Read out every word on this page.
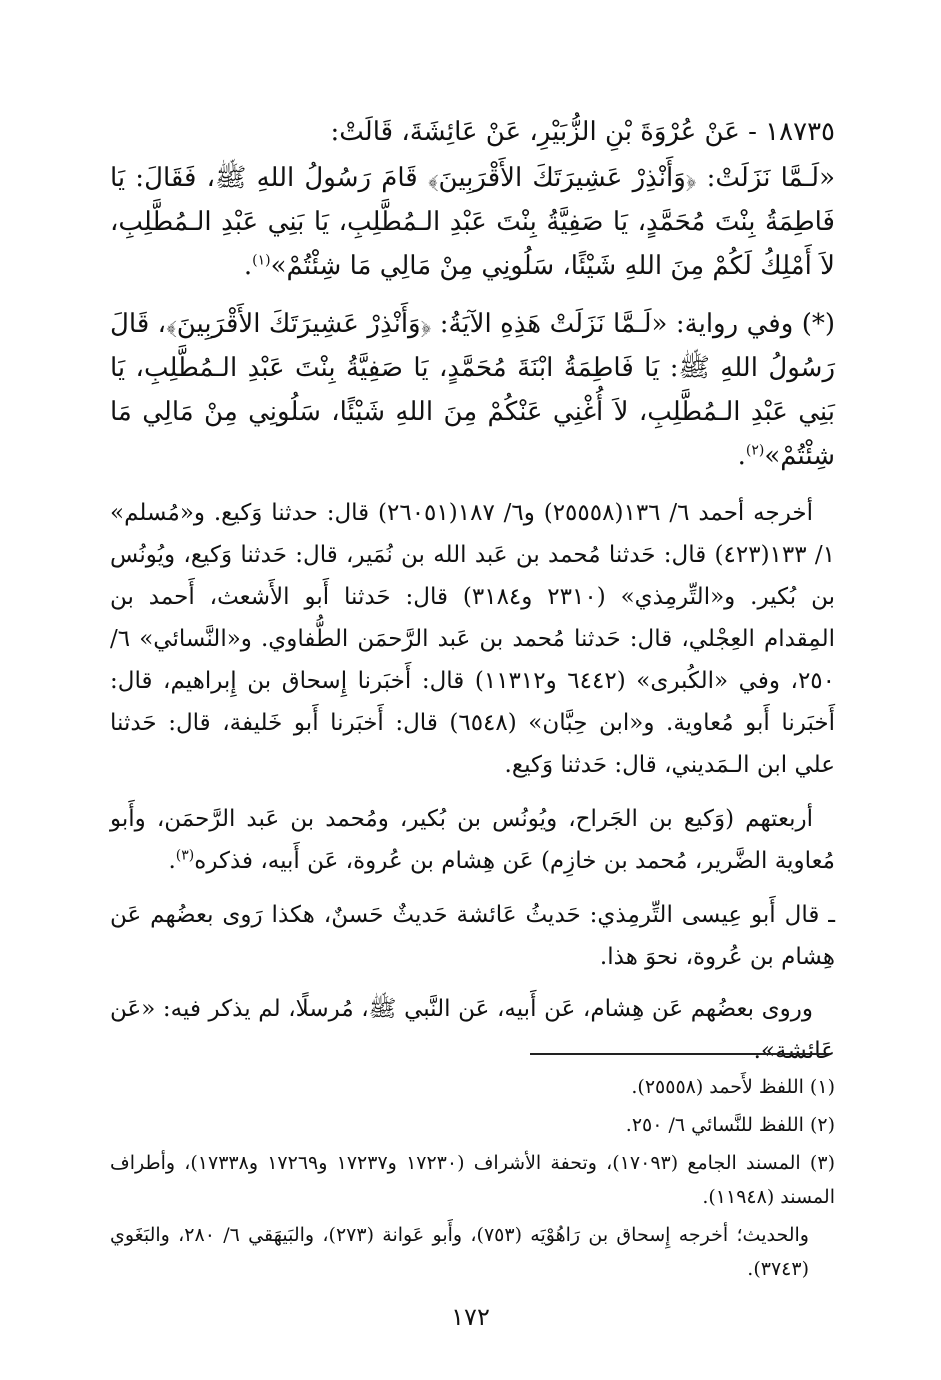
١٨٧٣٥ - عَنْ عُرْوَةَ بْنِ الزُّبَيْرِ، عَنْ عَائِشَةَ، قَالَتْ:

«لَـمَّا نَزَلَتْ: ﴿وَأَنْذِرْ عَشِيرَتَكَ الأَقْرَبِينَ﴾ قَامَ رَسُولُ اللهِ ﷺ، فَقَالَ: يَا فَاطِمَةُ بِنْتَ مُحَمَّدٍ، يَا صَفِيَّةُ بِنْتَ عَبْدِ الـمُطَّلِبِ، يَا بَنِي عَبْدِ الـمُطَّلِبِ، لاَ أَمْلِكُ لَكُمْ مِنَ اللهِ شَيْئًا، سَلُونِي مِنْ مَالِي مَا شِئْتُمْ»$^{(١)}$.

(*) وفي رواية: «لَـمَّا نَزَلَتْ هَذِهِ الآيَةُ: ﴿وَأَنْذِرْ عَشِيرَتَكَ الأَقْرَبِينَ﴾، قَالَ رَسُولُ اللهِ ﷺ: يَا فَاطِمَةُ ابْنَةَ مُحَمَّدٍ، يَا صَفِيَّةُ بِنْتَ عَبْدِ الـمُطَّلِبِ، يَا بَنِي عَبْدِ الـمُطَّلِبِ، لاَ أُغْنِي عَنْكُمْ مِنَ اللهِ شَيْئًا، سَلُونِي مِنْ مَالِي مَا شِئْتُمْ»$^{(٢)}$.

أخرجه أحمد ٦/ ١٣٦(٢٥٥٥٨) و٦/ ١٨٧(٢٦٠٥١) قال: حدثنا وَكيع. و«مُسلم» ١/ ١٣٣(٤٢٣) قال: حَدثنا مُحمد بن عَبد الله بن نُمَير، قال: حَدثنا وَكيع، ويُونُس بن بُكير. و«التِّرمِذي» (٢٣١٠ و٣١٨٤) قال: حَدثنا أَبو الأَشعث، أَحمد بن المِقدام العِجْلي، قال: حَدثنا مُحمد بن عَبد الرَّحمَن الطُّفاوي. و«النَّسائي» ٦/ ٢٥٠، وفي «الكُبرى» (٦٤٤٢ و١١٣١٢) قال: أَخبَرنا إِسحاق بن إِبراهيم، قال: أَخبَرنا أَبو مُعاوية. و«ابن حِبَّان» (٦٥٤٨) قال: أَخبَرنا أَبو خَليفة، قال: حَدثنا علي ابن الـمَديني، قال: حَدثنا وَكيع.

أربعتهم (وَكيع بن الجَراح، ويُونُس بن بُكير، ومُحمد بن عَبد الرَّحمَن، وأَبو مُعاوية الضَّرير، مُحمد بن خازِم) عَن هِشام بن عُروة، عَن أَبيه، فذكره$^{(٣)}$.

ـ قال أَبو عِيسى التِّرمِذي: حَديثُ عَائشة حَديثٌ حَسنٌ، هكذا رَوى بعضُهم عَن هِشام بن عُروة، نحوَ هذا.

وروى بعضُهم عَن هِشام، عَن أَبيه، عَن النَّبي ﷺ، مُرسلًا، لم يذكر فيه: «عَن عَائشة».

(١) اللفظ لأَحمد (٢٥٥٥٨).

(٢) اللفظ للنَّسائي ٦/ ٢٥٠.

(٣) المسند الجامع (١٧٠٩٣)، وتحفة الأشراف (١٧٢٣٠ و١٧٢٣٧ و١٧٢٦٩ و١٧٣٣٨)، وأطراف المسند (١١٩٤٨).

والحديث؛ أخرجه إِسحاق بن رَاهُوْيَه (٧٥٣)، وأَبو عَوانة (٢٧٣)، والبَيهَقي ٦/ ٢٨٠، والبَغَوي (٣٧٤٣).

١٧٢
